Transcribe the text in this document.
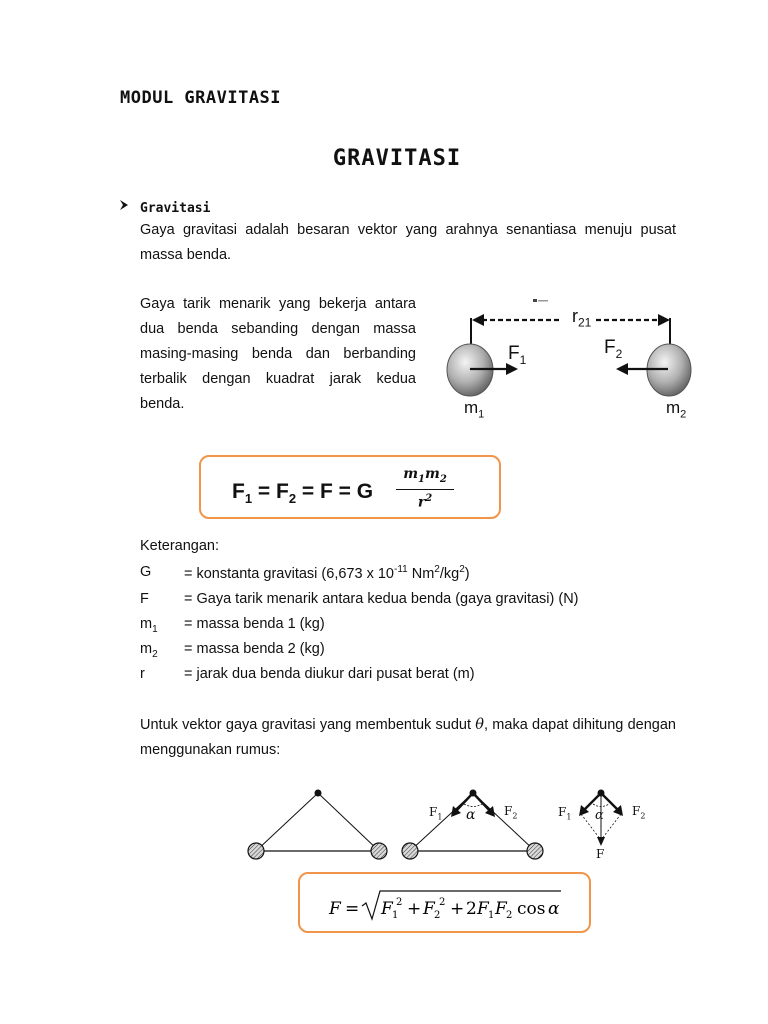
MODUL GRAVITASI
GRAVITASI
Gravitasi
Gaya gravitasi adalah besaran vektor yang arahnya senantiasa menuju pusat massa benda.
Gaya tarik menarik yang bekerja antara dua benda sebanding dengan massa masing-masing benda dan berbanding terbalik dengan kuadrat jarak kedua benda.
$r_{21}$
$F_1$
$F_2$
$m_1$	$m_2$
$F_1 = F_2 = F = G \frac{m_1m_2}{r^2}$
Keterangan:
G	= konstanta gravitasi (6,673 x $10^{-11}$ $Nm^2/kg^2$)
F	= Gaya tarik menarik antara kedua benda (gaya gravitasi) (N)
$m_1$	= massa benda 1 (kg)
$m_2$	= massa benda 2 (kg)
r	= jarak dua benda diukur dari pusat berat (m)
Untuk vektor gaya gravitasi yang membentuk sudut θ, maka dapat dihitung dengan menggunakan rumus:
$F_1$	$F_2$
α	$F_1$	$F_2$
α
F
F = F 1
2 + F 2
2 + 2 F 1 F 2 cos α
